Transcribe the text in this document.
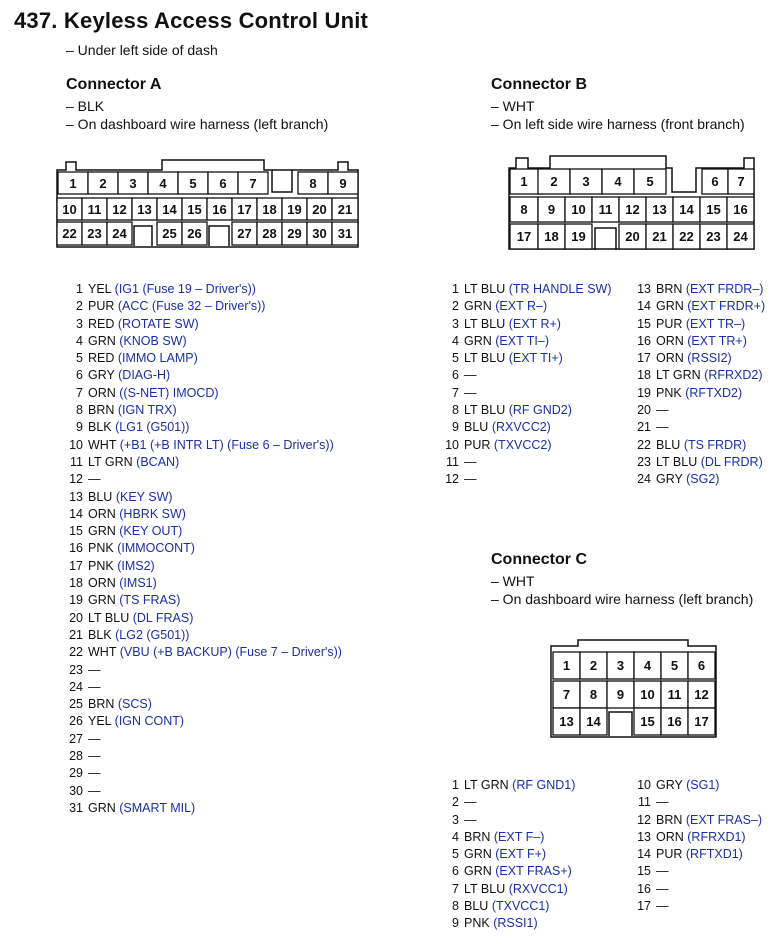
437. Keyless Access Control Unit
– Under left side of dash
Connector A
– BLK
– On dashboard wire harness (left branch)
Connector B
– WHT
– On left side wire harness (front branch)
Connector C
– WHT
– On dashboard wire harness (left branch)
1 2 3 4 5 6 7	8 9
10 11 12 13 14 15 16 17 18 19 20 21
22 23 24	25 26	27 28 29 30 31
1 2 3 4 5	6 7
8 9 10 11 12 13 14 15 16
17 18 19	20 21 22 23 24
1 2 3 4 5 6
7 8 9 10 11 12
13 14	15 16 17
1 YEL (IG1 (Fuse 19 – Driver's))
2 PUR (ACC (Fuse 32 – Driver's))
3 RED (ROTATE SW)
4 GRN (KNOB SW)
5 RED (IMMO LAMP)
6 GRY (DIAG-H)
7 ORN ((S-NET) IMOCD)
8 BRN (IGN TRX)
9 BLK (LG1 (G501))
10 WHT (+B1 (+B INTR LT) (Fuse 6 – Driver's))
11 LT GRN (BCAN)
12 —
13 BLU (KEY SW)
14 ORN (HBRK SW)
15 GRN (KEY OUT)
16 PNK (IMMOCONT)
17 PNK (IMS2)
18 ORN (IMS1)
19 GRN (TS FRAS)
20 LT BLU (DL FRAS)
21 BLK (LG2 (G501))
22 WHT (VBU (+B BACKUP) (Fuse 7 – Driver's))
23 —
24 —
25 BRN (SCS)
26 YEL (IGN CONT)
27 —
28 —
29 —
30 —
31 GRN (SMART MIL)
1 LT BLU (TR HANDLE SW)
2 GRN (EXT R–)
3 LT BLU (EXT R+)
4 GRN (EXT TI–)
5 LT BLU (EXT TI+)
6 —
7 —
8 LT BLU (RF GND2)
9 BLU (RXVCC2)
10 PUR (TXVCC2)
11 —
12 —
13 BRN (EXT FRDR–)
14 GRN (EXT FRDR+)
15 PUR (EXT TR–)
16 ORN (EXT TR+)
17 ORN (RSSI2)
18 LT GRN (RFRXD2)
19 PNK (RFTXD2)
20 —
21 —
22 BLU (TS FRDR)
23 LT BLU (DL FRDR)
24 GRY (SG2)
1 LT GRN (RF GND1)
2 —
3 —
4 BRN (EXT F–)
5 GRN (EXT F+)
6 GRN (EXT FRAS+)
7 LT BLU (RXVCC1)
8 BLU (TXVCC1)
9 PNK (RSSI1)
10 GRY (SG1)
11 —
12 BRN (EXT FRAS–)
13 ORN (RFRXD1)
14 PUR (RFTXD1)
15 —
16 —
17 —
